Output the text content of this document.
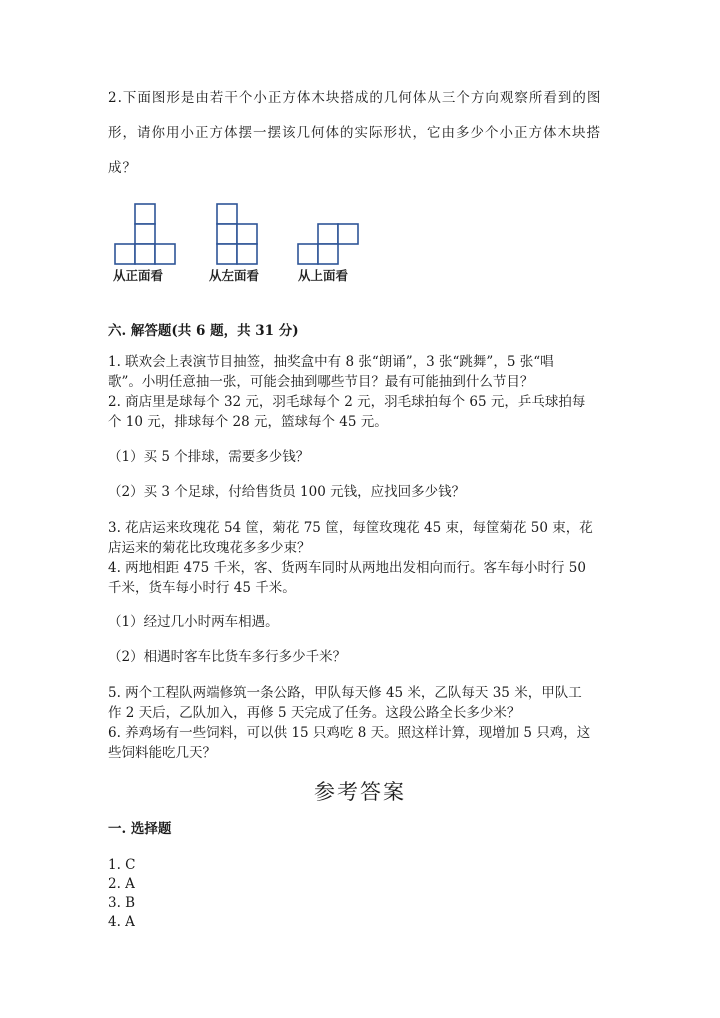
2.下面图形是由若干个小正方体木块搭成的几何体从三个方向观察所看到的图
形，请你用小正方体摆一摆该几何体的实际形状，它由多少个小正方体木块搭
成？
从正面看	从左面看	从上面看
六. 解答题(共 6 题，共 31 分)
1. 联欢会上表演节目抽签，抽奖盒中有 8 张“朗诵”，3 张“跳舞”，5 张“唱
歌”。小明任意抽一张，可能会抽到哪些节目？最有可能抽到什么节目？
2. 商店里是球每个 32 元，羽毛球每个 2 元，羽毛球拍每个 65 元，乒乓球拍每
个 10 元，排球每个 28 元，篮球每个 45 元。
（1）买 5 个排球，需要多少钱？
（2）买 3 个足球，付给售货员 100 元钱，应找回多少钱？
3. 花店运来玫瑰花 54 筐，菊花 75 筐，每筐玫瑰花 45 束，每筐菊花 50 束，花
店运来的菊花比玫瑰花多多少束？
4. 两地相距 475 千米，客、货两车同时从两地出发相向而行。客车每小时行 50
千米，货车每小时行 45 千米。
（1）经过几小时两车相遇。
（2）相遇时客车比货车多行多少千米？
5. 两个工程队两端修筑一条公路，甲队每天修 45 米，乙队每天 35 米，甲队工
作 2 天后，乙队加入，再修 5 天完成了任务。这段公路全长多少米？
6. 养鸡场有一些饲料，可以供 15 只鸡吃 8 天。照这样计算，现增加 5 只鸡，这
些饲料能吃几天？
参考答案
一. 选择题
1. C
2. A
3. B
4. A
